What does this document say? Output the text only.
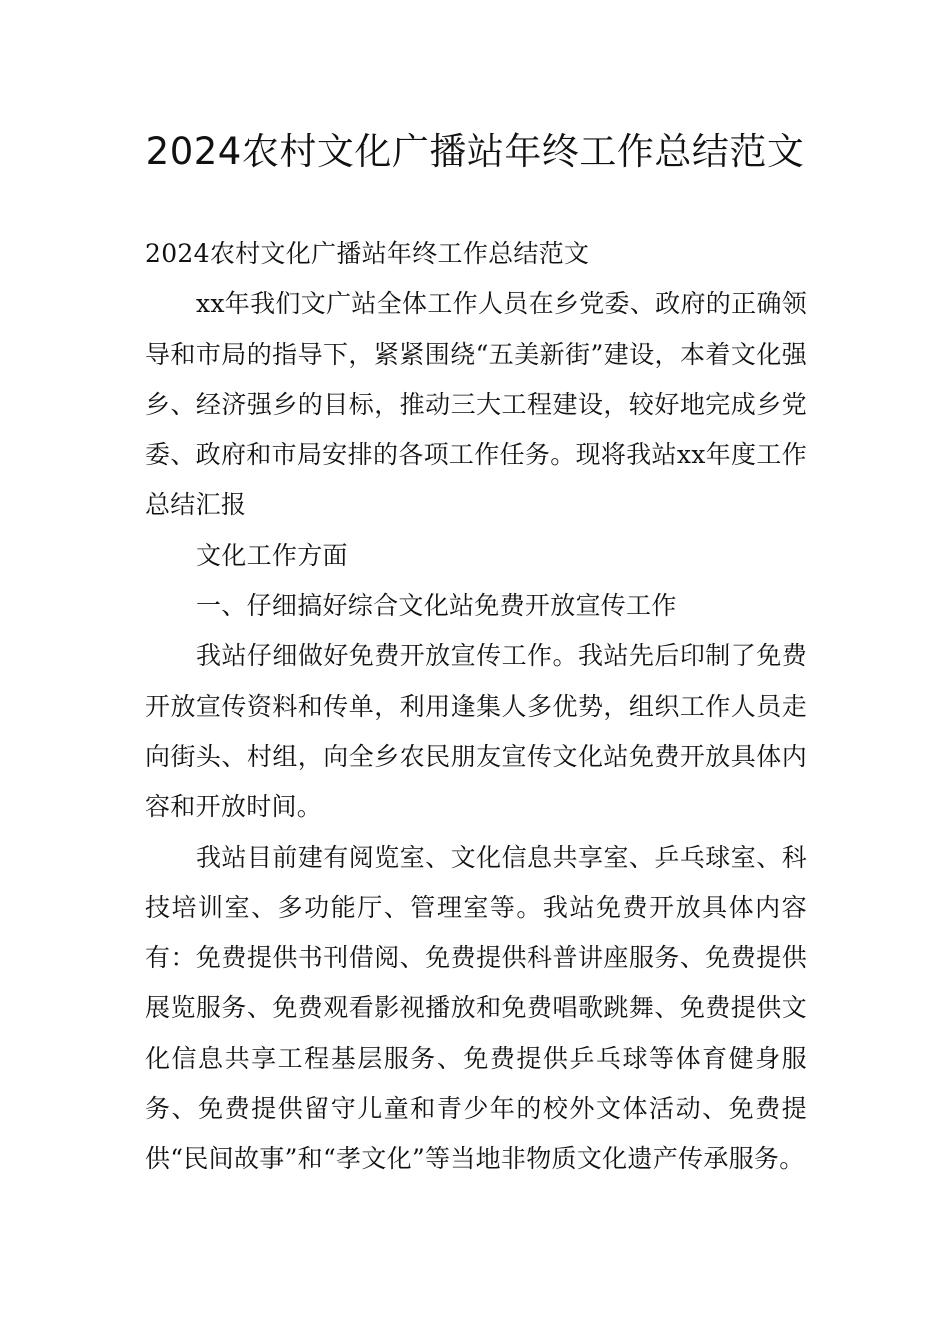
2024农村文化广播站年终工作总结范文

2024农村文化广播站年终工作总结范文

xx年我们文广站全体工作人员在乡党委、政府的正确领导和市局的指导下，紧紧围绕“五美新街”建设，本着文化强乡、经济强乡的目标，推动三大工程建设，较好地完成乡党委、政府和市局安排的各项工作任务。现将我站xx年度工作总结汇报

文化工作方面

一、仔细搞好综合文化站免费开放宣传工作

我站仔细做好免费开放宣传工作。我站先后印制了免费开放宣传资料和传单，利用逢集人多优势，组织工作人员走向街头、村组，向全乡农民朋友宣传文化站免费开放具体内容和开放时间。

我站目前建有阅览室、文化信息共享室、乒乓球室、科技培训室、多功能厅、管理室等。我站免费开放具体内容有：免费提供书刊借阅、免费提供科普讲座服务、免费提供展览服务、免费观看影视播放和免费唱歌跳舞、免费提供文化信息共享工程基层服务、免费提供乒乓球等体育健身服务、免费提供留守儿童和青少年的校外文体活动、免费提供“民间故事”和“孝文化”等当地非物质文化遗产传承服务。
